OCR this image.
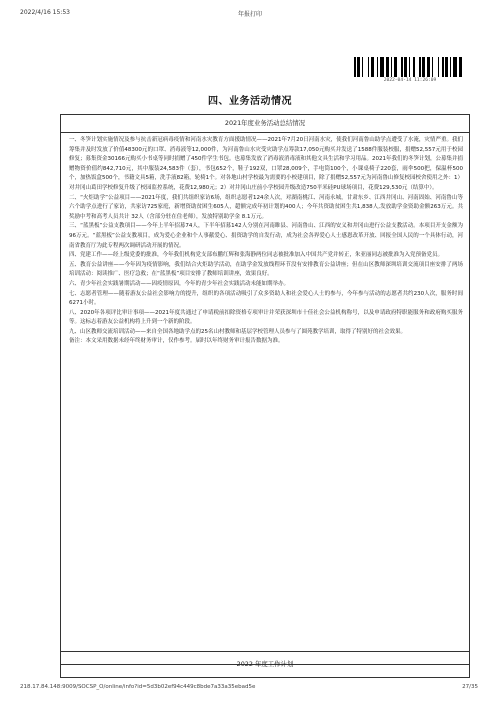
2022/4/16 15:53	年报打印
2022-04-14 11:26:09
四、业务活动情况
2021年度业务活动总结情况

一、冬笋计划实施情况及参与抗击新冠病毒疫情和河南水灾教育方面援助情况——2021年7月20日河南水灾，使我们河南鲁山助学点遭受了水淹，灾情严重。我们筹集并及时发放了价值48300元的口罩、消毒液等12,000件，为河南鲁山水灾受灾助学点筹款17,050元购买并发送了1588件服装校服，捐赠52,557元用于校园修复；募集资金30166元购买小书桌等同时捐赠了450件学生书包。也募集发放了消毒液消毒液和其他文具生活和学习用品。2021年我们的冬笋计划，公募集并捐赠物资价值约842,710元，其中服装24,583件（套），书包652个，鞋子192双，口罩28,009个，手电筒100个，小课桌椅子220套，雨伞500把，保温杯500个，加热饭盒500个，书籍文具5箱，洗手液82箱，轮椅1个。对各地山村学校最为需要的小校建项目，除了捐赠52,557元为河南鲁山修复校园校舍使用之外：1）对井冈山葛田学校修复升级了校园监控系统，花费12,980元；2）对井冈山庄前小学校园升级改造750平米硅PU球场项目，花费129,530元（结算中）。

二、“火炬助学”公益项目——2021年度，我们共组织家访6场，组织志愿者124余人次，对湖南桃江、河南永城，甘肃东乡、江西井冈山、河南固始、河南鲁山等六个助学点进行了家访，共家访725家庭，新增资助贫困生605人，超额完成年初计划的400人；今年共资助贫困生共1,838人,发放助学金资助金额263万元。共奖励中考和高考人员共计 32人（含部分驻在住老师），发放特别助学金 8.1万元。

三、“蓝黑板”公益支教项目——今年上半年招募74人，下半年招募142人分别在河南睢县、河南鲁山、江西的安义和井冈山进行公益支教活动。本项目开支金额为 96万元。“蓝黑板”公益支教项目，成为爱心企业和个人事献爱心、捐资助学的自发行动，成为社会各界爱心人士感恩改革开放、回报全国人民的一个具体行动，河南省教育厅为此专程两次调研活动开展的情况。

四、党建工作——经上级党委的批准，今年我们机构党支部布鹏红辉和张海静两位同志被批准加入中国共产党并转正，朱亚丽同志被批准为入党预备党员。

五、教育公益讲座——今年因为疫情影响，我们结合火炬助学活动，在助学金发放线程环节没有安排教育公益讲座；但在山区教师深圳培训交流项目座安排了两场培训活动：阅读推广、医疗急救；在“蓝黑板”项目安排了教师培训讲座，效果良好。

六、青少年社会实践暑期活动——因疫情原因，今年的青少年社会实践活动未能如期举办。

七、志愿者管理——随着游友公益社会影响力的提升，组织的各项活动吸引了众多资助人和社会爱心人士的参与，今年参与活动的志愿者共约230人次，服务时间6271小时。

八、2020年各项评比审计事项——2021年度共通过了申请税前扣除资格专项审计并荣获深圳市十佳社会公益机构称号，以及申请政府特职能服务和政府购买服务等。这标志着游友公益机构将上升到一个新的阶段。

九、山区教师交流培训活动——来自全国各地助学点的25名山村教师和基层学校管理人员参与了圆苑教学培训，取得了特别好的社会效果。

备注：本文采用数据未经年终财务审计，仅作参考。届时以年终财务审计报告数据为准。

2022 年度工作计划
218.17.84.148:9009/SOCSP_O/online/info?id=5d3b02ef94c449c8bde7a33a35ebad5e	27/35
